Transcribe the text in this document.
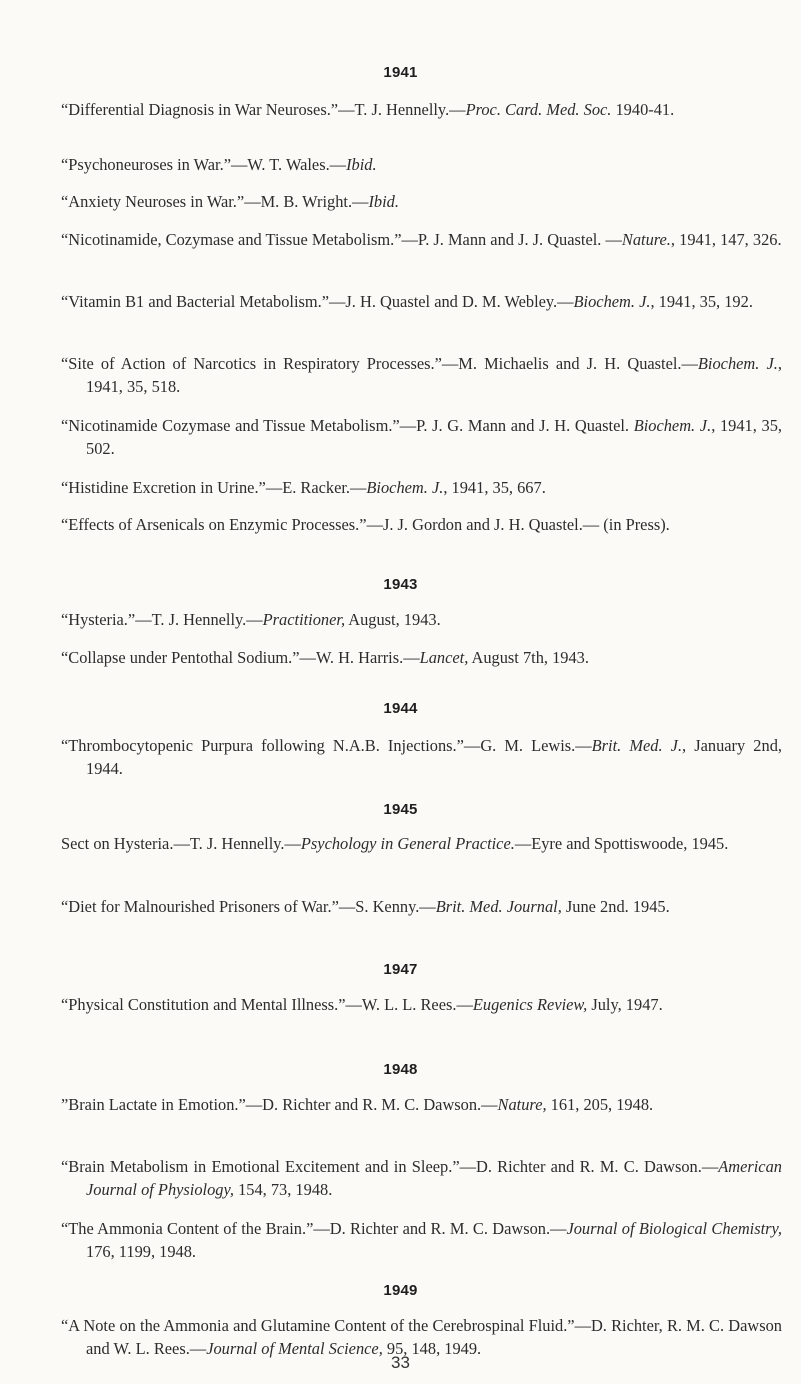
1941
“Differential Diagnosis in War Neuroses.”—T. J. Hennelly.—Proc. Card. Med. Soc. 1940-41.
“Psychoneuroses in War.”—W. T. Wales.—Ibid.
“Anxiety Neuroses in War.”—M. B. Wright.—Ibid.
“Nicotinamide, Cozymase and Tissue Metabolism.”—P. J. Mann and J. J. Quastel. —Nature., 1941, 147, 326.
“Vitamin B1 and Bacterial Metabolism.”—J. H. Quastel and D. M. Webley.—Biochem. J., 1941, 35, 192.
“Site of Action of Narcotics in Respiratory Processes.”—M. Michaelis and J. H. Quastel.—Biochem. J., 1941, 35, 518.
“Nicotinamide Cozymase and Tissue Metabolism.”—P. J. G. Mann and J. H. Quastel. Biochem. J., 1941, 35, 502.
“Histidine Excretion in Urine.”—E. Racker.—Biochem. J., 1941, 35, 667.
“Effects of Arsenicals on Enzymic Processes.”—J. J. Gordon and J. H. Quastel.— (in Press).
1943
“Hysteria.”—T. J. Hennelly.—Practitioner, August, 1943.
“Collapse under Pentothal Sodium.”—W. H. Harris.—Lancet, August 7th, 1943.
1944
“Thrombocytopenic Purpura following N.A.B. Injections.”—G. M. Lewis.—Brit. Med. J., January 2nd, 1944.
1945
Sect on Hysteria.—T. J. Hennelly.—Psychology in General Practice.—Eyre and Spottiswoode, 1945.
“Diet for Malnourished Prisoners of War.”—S. Kenny.—Brit. Med. Journal, June 2nd. 1945.
1947
“Physical Constitution and Mental Illness.”—W. L. L. Rees.—Eugenics Review, July, 1947.
1948
”Brain Lactate in Emotion.”—D. Richter and R. M. C. Dawson.—Nature, 161, 205, 1948.
“Brain Metabolism in Emotional Excitement and in Sleep.”—D. Richter and R. M. C. Dawson.—American Journal of Physiology, 154, 73, 1948.
“The Ammonia Content of the Brain.”—D. Richter and R. M. C. Dawson.—Journal of Biological Chemistry, 176, 1199, 1948.
1949
“A Note on the Ammonia and Glutamine Content of the Cerebrospinal Fluid.”—D. Richter, R. M. C. Dawson and W. L. Rees.—Journal of Mental Science, 95, 148, 1949.
33
